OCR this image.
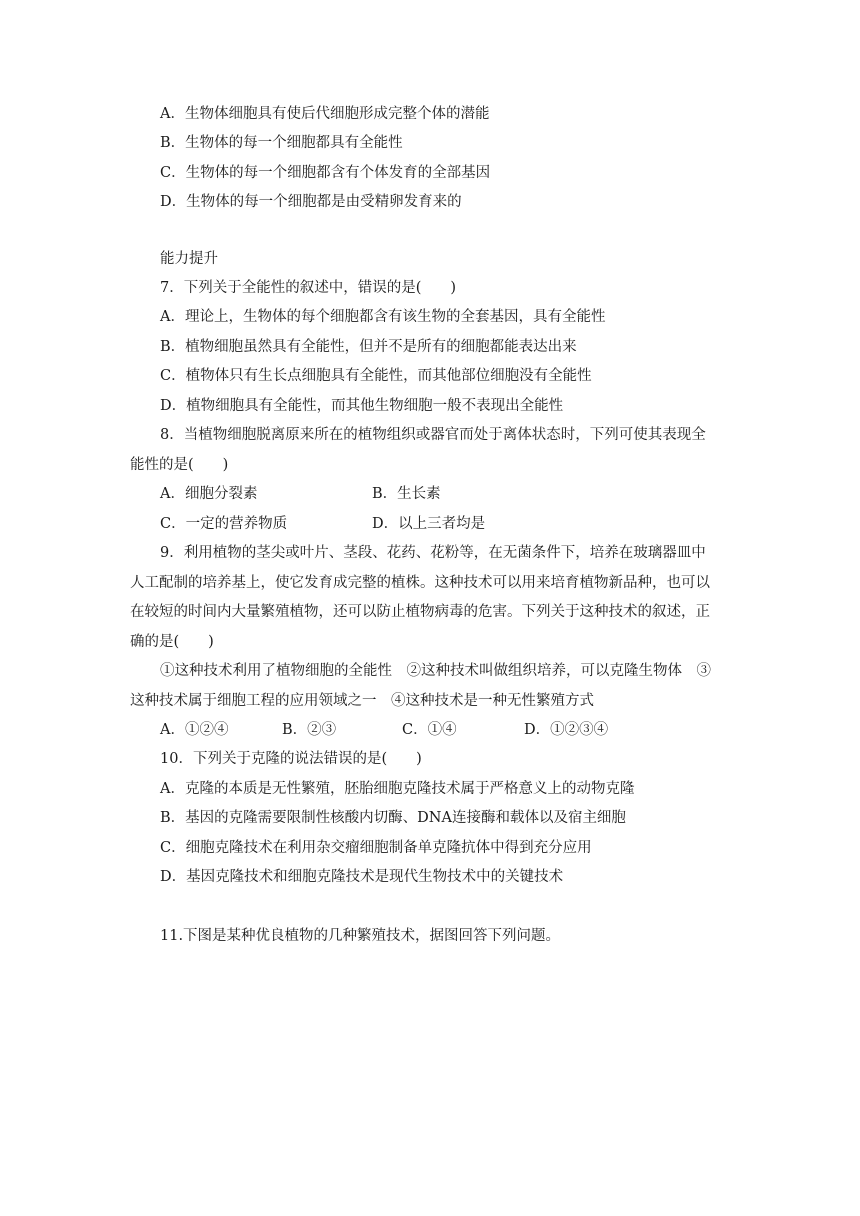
A．生物体细胞具有使后代细胞形成完整个体的潜能
B．生物体的每一个细胞都具有全能性
C．生物体的每一个细胞都含有个体发育的全部基因
D．生物体的每一个细胞都是由受精卵发育来的
能力提升
7．下列关于全能性的叙述中，错误的是(　　)
A．理论上，生物体的每个细胞都含有该生物的全套基因，具有全能性
B．植物细胞虽然具有全能性，但并不是所有的细胞都能表达出来
C．植物体只有生长点细胞具有全能性，而其他部位细胞没有全能性
D．植物细胞具有全能性，而其他生物细胞一般不表现出全能性
8．当植物细胞脱离原来所在的植物组织或器官而处于离体状态时，下列可使其表现全
能性的是(　　)
A．细胞分裂素	B．生长素
C．一定的营养物质	D．以上三者均是
9．利用植物的茎尖或叶片、茎段、花药、花粉等，在无菌条件下，培养在玻璃器皿中
人工配制的培养基上，使它发育成完整的植株。这种技术可以用来培育植物新品种，也可以
在较短的时间内大量繁殖植物，还可以防止植物病毒的危害。下列关于这种技术的叙述，正
确的是(　　)
①这种技术利用了植物细胞的全能性　②这种技术叫做组织培养，可以克隆生物体　③
这种技术属于细胞工程的应用领域之一　④这种技术是一种无性繁殖方式
A．①②④	B．②③	C．①④	D．①②③④
10．下列关于克隆的说法错误的是(　　)
A．克隆的本质是无性繁殖，胚胎细胞克隆技术属于严格意义上的动物克隆
B．基因的克隆需要限制性核酸内切酶、DNA连接酶和载体以及宿主细胞
C．细胞克隆技术在利用杂交瘤细胞制备单克隆抗体中得到充分应用
D．基因克隆技术和细胞克隆技术是现代生物技术中的关键技术
11.下图是某种优良植物的几种繁殖技术，据图回答下列问题。
